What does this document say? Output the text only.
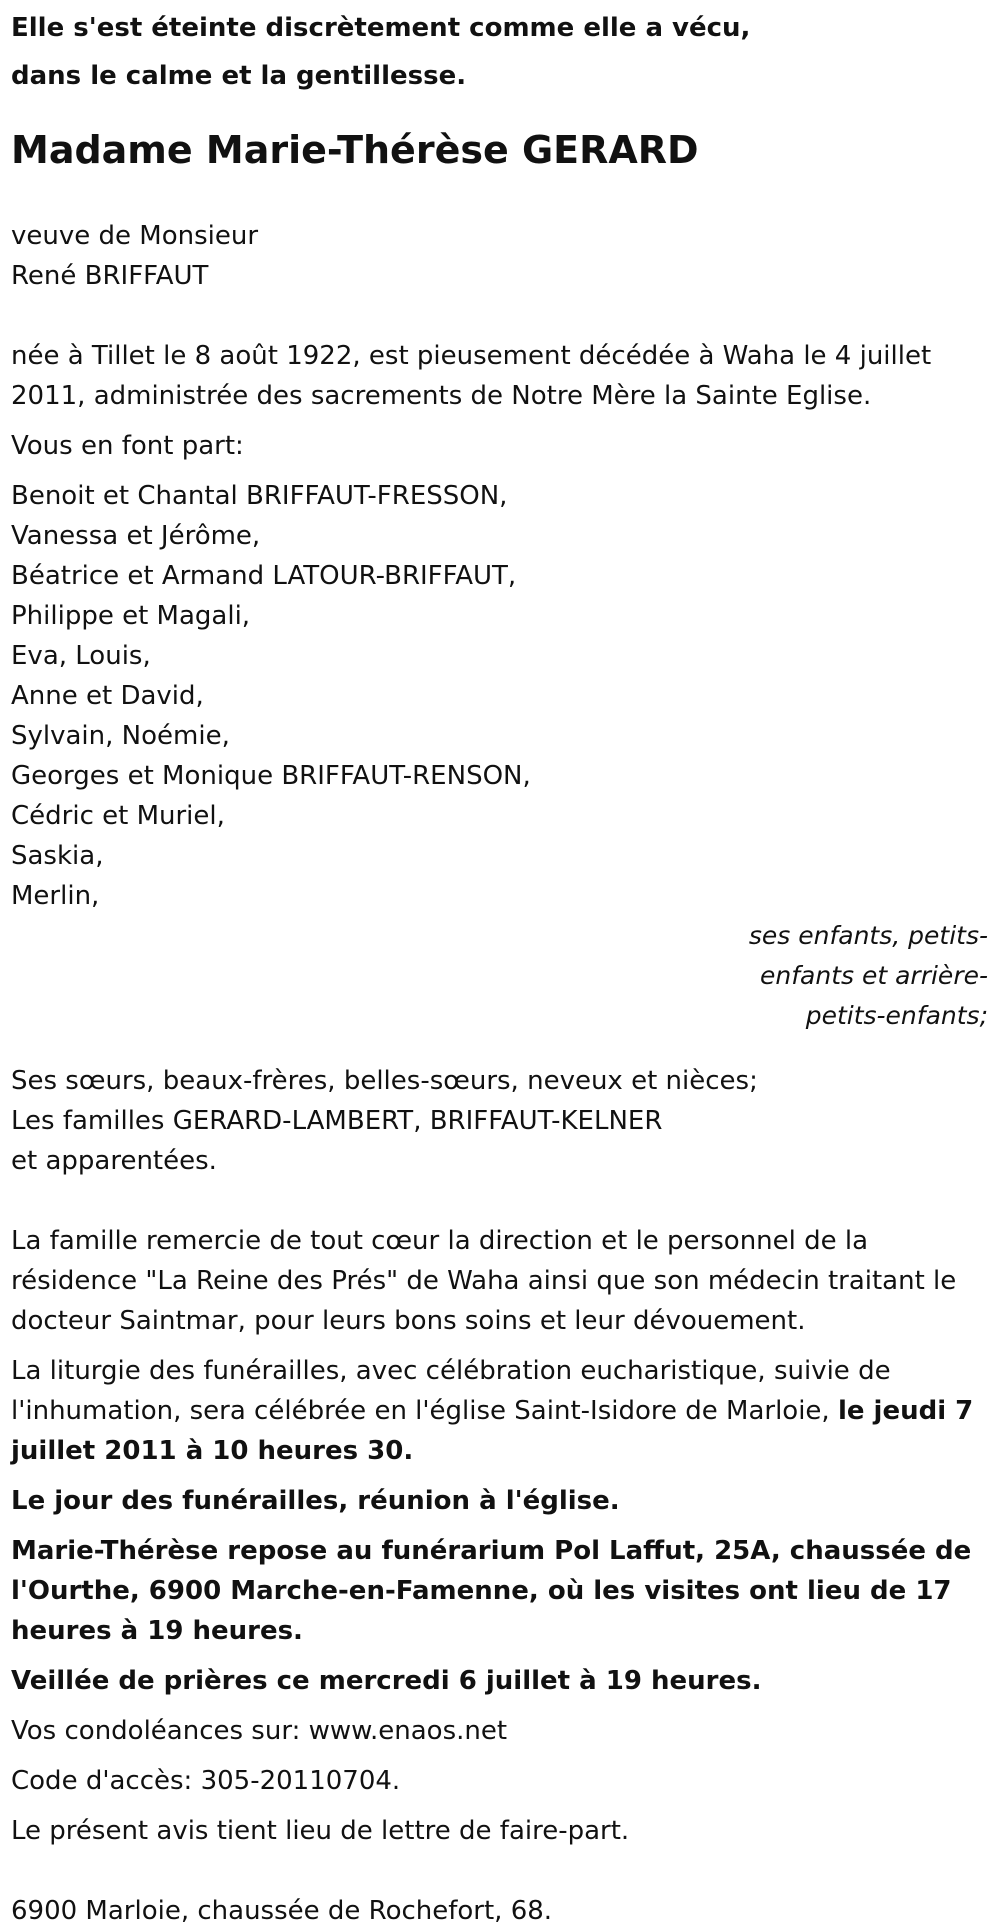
Elle s'est éteinte discrètement comme elle a vécu,
dans le calme et la gentillesse.

Madame Marie-Thérèse GERARD

veuve de Monsieur
René BRIFFAUT

née à Tillet le 8 août 1922, est pieusement décédée à Waha le 4 juillet
2011, administrée des sacrements de Notre Mère la Sainte Eglise.

Vous en font part:

Benoit et Chantal BRIFFAUT-FRESSON,
Vanessa et Jérôme,
Béatrice et Armand LATOUR-BRIFFAUT,
Philippe et Magali,
Eva, Louis,
Anne et David,
Sylvain, Noémie,
Georges et Monique BRIFFAUT-RENSON,
Cédric et Muriel,
Saskia,
Merlin,

ses enfants, petits-enfants et arrière-petits-enfants;

Ses sœurs, beaux-frères, belles-sœurs, neveux et nièces;
Les familles GERARD-LAMBERT, BRIFFAUT-KELNER
et apparentées.

La famille remercie de tout cœur la direction et le personnel de la
résidence "La Reine des Prés" de Waha ainsi que son médecin traitant le
docteur Saintmar, pour leurs bons soins et leur dévouement.

La liturgie des funérailles, avec célébration eucharistique, suivie de
l'inhumation, sera célébrée en l'église Saint-Isidore de Marloie, le jeudi 7
juillet 2011 à 10 heures 30.

Le jour des funérailles, réunion à l'église.

Marie-Thérèse repose au funérarium Pol Laffut, 25A, chaussée de
l'Ourthe, 6900 Marche-en-Famenne, où les visites ont lieu de 17
heures à 19 heures.

Veillée de prières ce mercredi 6 juillet à 19 heures.

Vos condoléances sur: www.enaos.net

Code d'accès: 305-20110704.

Le présent avis tient lieu de lettre de faire-part.

6900 Marloie, chaussée de Rochefort, 68.
